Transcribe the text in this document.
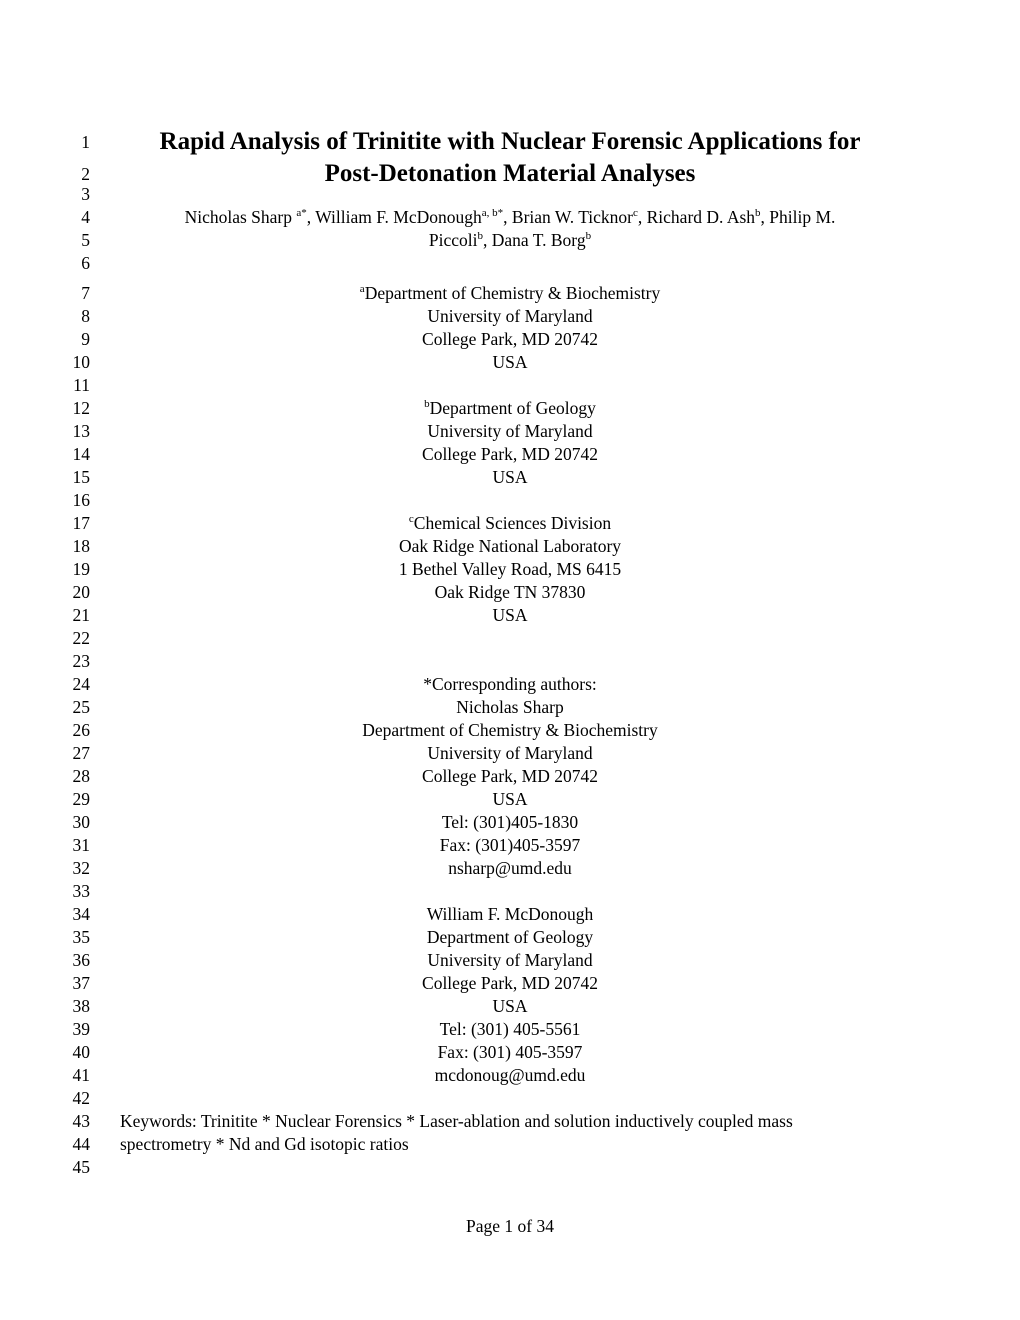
1	Rapid Analysis of Trinitite with Nuclear Forensic Applications for
2	Post-Detonation Material Analyses
3
4	Nicholas Sharp $^{a*}$, William F. McDonough$^{a, b*}$, Brian W. Ticknor$^c$, Richard D. Ash$^b$, Philip M.
5	Piccoli$^b$, Dana T. Borg$^b$
6
7	$^a$Department of Chemistry & Biochemistry
8	University of Maryland
9	College Park, MD 20742
10	USA
11
12	$^b$Department of Geology
13	University of Maryland
14	College Park, MD 20742
15	USA
16
17	$^c$Chemical Sciences Division
18	Oak Ridge National Laboratory
19	1 Bethel Valley Road, MS 6415
20	Oak Ridge TN 37830
21	USA
22
23
24	*Corresponding authors:
25	Nicholas Sharp
26	Department of Chemistry & Biochemistry
27	University of Maryland
28	College Park, MD 20742
29	USA
30	Tel: (301)405-1830
31	Fax: (301)405-3597
32	nsharp@umd.edu
33
34	William F. McDonough
35	Department of Geology
36	University of Maryland
37	College Park, MD 20742
38	USA
39	Tel: (301) 405-5561
40	Fax: (301) 405-3597
41	mcdonoug@umd.edu
42
43 Keywords: Trinitite * Nuclear Forensics * Laser-ablation and solution inductively coupled mass
44 spectrometry * Nd and Gd isotopic ratios
45
Page 1 of 34
